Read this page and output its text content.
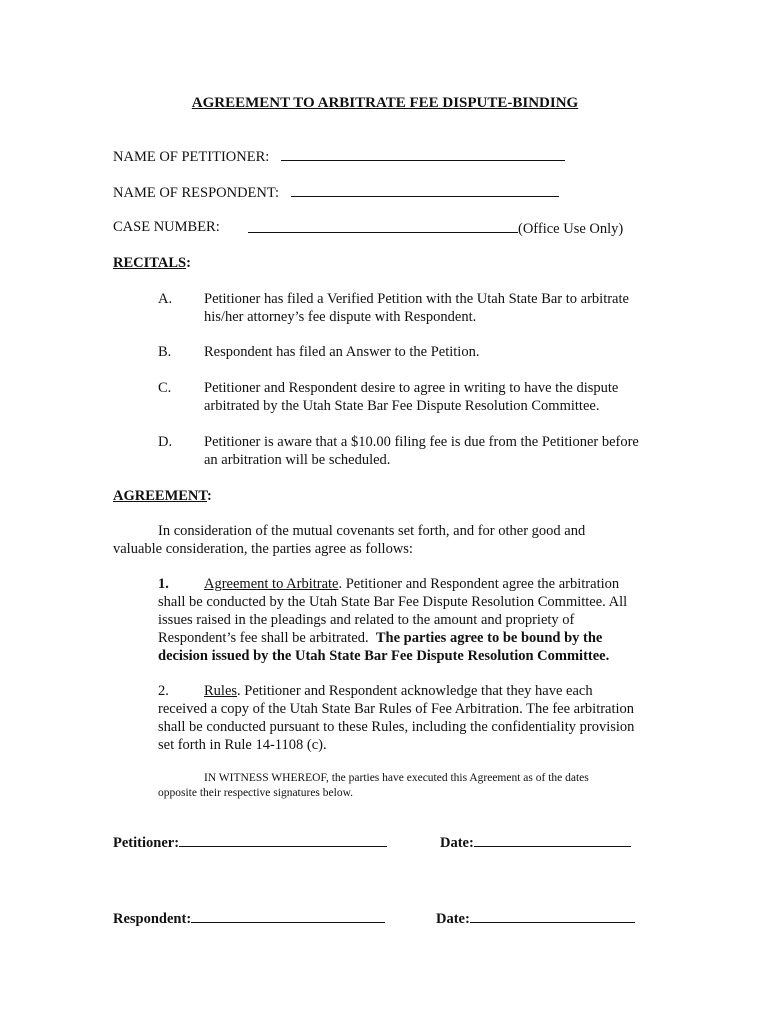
AGREEMENT TO ARBITRATE FEE DISPUTE-BINDING
NAME OF PETITIONER:
NAME OF RESPONDENT:
CASE NUMBER:	(Office Use Only)
RECITALS:
A. Petitioner has filed a Verified Petition with the Utah State Bar to arbitrate
his/her attorney’s fee dispute with Respondent.
B. Respondent has filed an Answer to the Petition.
C. Petitioner and Respondent desire to agree in writing to have the dispute
arbitrated by the Utah State Bar Fee Dispute Resolution Committee.
D. Petitioner is aware that a $10.00 filing fee is due from the Petitioner before
an arbitration will be scheduled.
AGREEMENT:
In consideration of the mutual covenants set forth, and for other good and
valuable consideration, the parties agree as follows:
1. Agreement to Arbitrate. Petitioner and Respondent agree the arbitration
shall be conducted by the Utah State Bar Fee Dispute Resolution Committee. All
issues raised in the pleadings and related to the amount and propriety of
Respondent’s fee shall be arbitrated.  The parties agree to be bound by the
decision issued by the Utah State Bar Fee Dispute Resolution Committee.
2. Rules. Petitioner and Respondent acknowledge that they have each
received a copy of the Utah State Bar Rules of Fee Arbitration. The fee arbitration
shall be conducted pursuant to these Rules, including the confidentiality provision
set forth in Rule 14-1108 (c).
IN WITNESS WHEREOF, the parties have executed this Agreement as of the dates
opposite their respective signatures below.
Petitioner:	Date:
Respondent:	Date:
